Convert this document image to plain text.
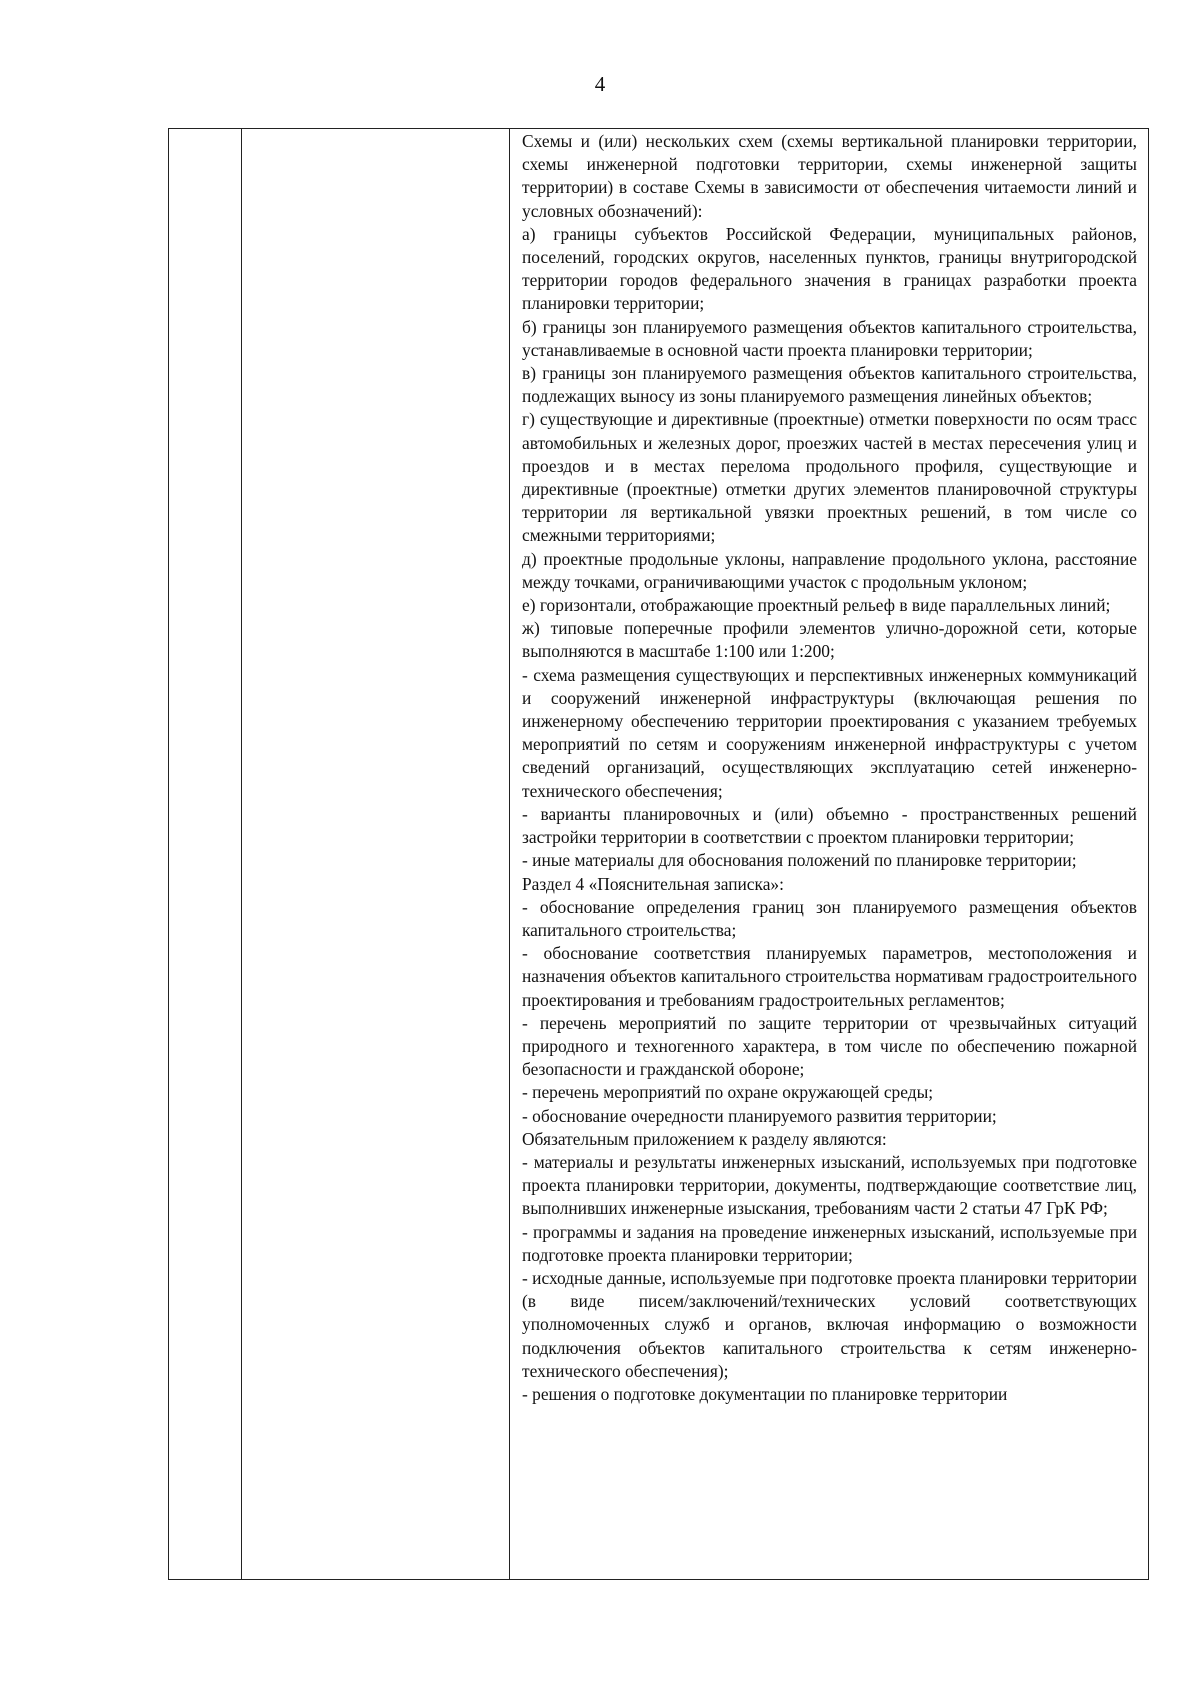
4

Схемы и (или) нескольких схем (схемы вертикальной планировки территории, схемы инженерной подготовки территории, схемы инженерной защиты территории) в составе Схемы в зависимости от обеспечения читаемости линий и условных обозначений):

а) границы субъектов Российской Федерации, муниципальных районов, поселений, городских округов, населенных пунктов, границы внутригородской территории городов федерального значения в границах разработки проекта планировки территории;

б) границы зон планируемого размещения объектов капитального строительства, устанавливаемые в основной части проекта планировки территории;

в) границы зон планируемого размещения объектов капитального строительства, подлежащих выносу из зоны планируемого размещения линейных объектов;

г) существующие и директивные (проектные) отметки поверхности по осям трасс автомобильных и железных дорог, проезжих частей в местах пересечения улиц и проездов и в местах перелома продольного профиля, существующие и директивные (проектные) отметки других элементов планировочной структуры территории ля вертикальной увязки проектных решений, в том числе со смежными территориями;

д) проектные продольные уклоны, направление продольного уклона, расстояние между точками, ограничивающими участок с продольным уклоном;

е) горизонтали, отображающие проектный рельеф в виде параллельных линий;

ж) типовые поперечные профили элементов улично-дорожной сети, которые выполняются в масштабе 1:100 или 1:200;

- схема размещения существующих и перспективных инженерных коммуникаций и сооружений инженерной инфраструктуры (включающая решения по инженерному обеспечению территории проектирования с указанием требуемых мероприятий по сетям и сооружениям инженерной инфраструктуры с учетом сведений организаций, осуществляющих эксплуатацию сетей инженерно-технического обеспечения;

- варианты планировочных и (или) объемно - пространственных решений застройки территории в соответствии с проектом планировки территории;

- иные материалы для обоснования положений по планировке территории;

Раздел 4 «Пояснительная записка»:

- обоснование определения границ зон планируемого размещения объектов капитального строительства;

- обоснование соответствия планируемых параметров, местоположения и назначения объектов капитального строительства нормативам градостроительного проектирования и требованиям градостроительных регламентов;

- перечень мероприятий по защите территории от чрезвычайных ситуаций природного и техногенного характера, в том числе по обеспечению пожарной безопасности и гражданской обороне;

- перечень мероприятий по охране окружающей среды;

- обоснование очередности планируемого развития территории;

Обязательным приложением к разделу являются:

- материалы и результаты инженерных изысканий, используемых при подготовке проекта планировки территории, документы, подтверждающие соответствие лиц, выполнивших инженерные изыскания, требованиям части 2 статьи 47 ГрК РФ;

- программы и задания на проведение инженерных изысканий, используемые при подготовке проекта планировки территории;

- исходные данные, используемые при подготовке проекта планировки территории (в виде писем/заключений/технических условий соответствующих уполномоченных служб и органов, включая информацию о возможности подключения объектов капитального строительства к сетям инженерно-технического обеспечения);

- решения о подготовке документации по планировке территории
